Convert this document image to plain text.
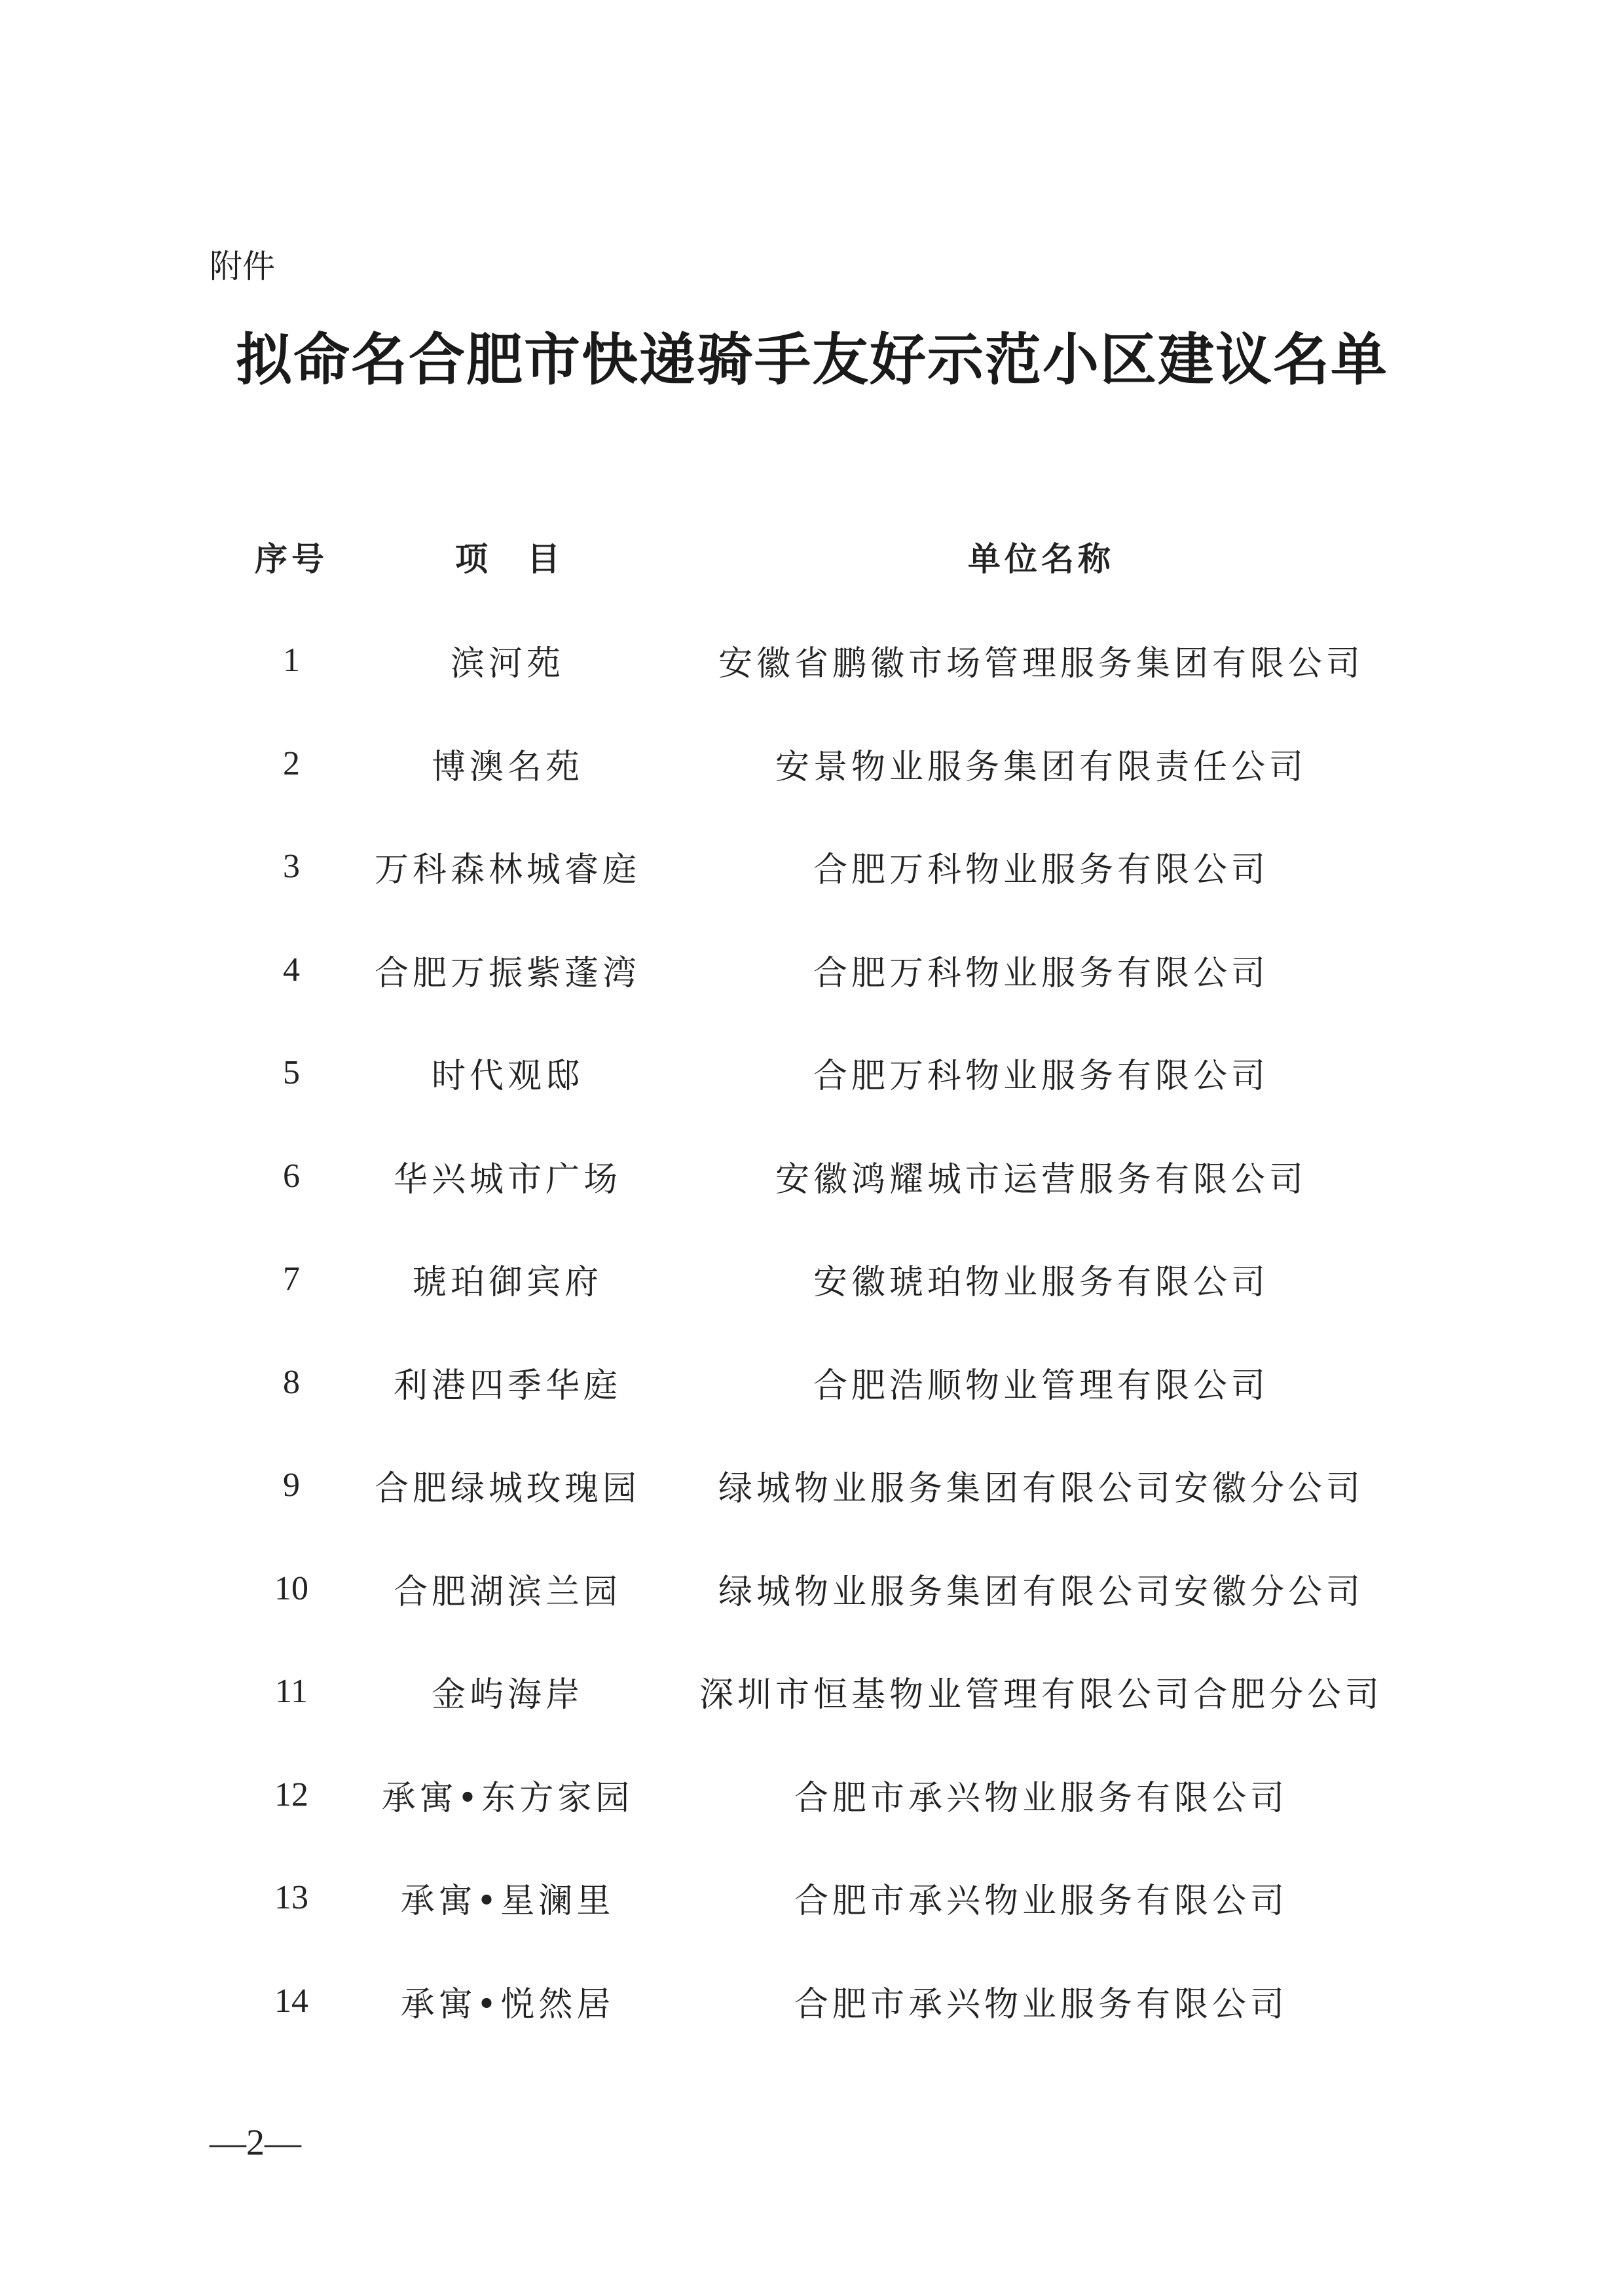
附件
拟命名合肥市快递骑手友好示范小区建议名单
序号	项目	单位名称
1	滨河苑	安徽省鹏徽市场管理服务集团有限公司
2	博澳名苑	安景物业服务集团有限责任公司
3	万科森林城睿庭	合肥万科物业服务有限公司
4	合肥万振紫蓬湾	合肥万科物业服务有限公司
5	时代观邸	合肥万科物业服务有限公司
6	华兴城市广场	安徽鸿耀城市运营服务有限公司
7	琥珀御宾府	安徽琥珀物业服务有限公司
8	利港四季华庭	合肥浩顺物业管理有限公司
9	合肥绿城玫瑰园	绿城物业服务集团有限公司安徽分公司
10	合肥湖滨兰园	绿城物业服务集团有限公司安徽分公司
11	金屿海岸	深圳市恒基物业管理有限公司合肥分公司
12	承寓•东方家园	合肥市承兴物业服务有限公司
13	承寓•星澜里	合肥市承兴物业服务有限公司
14	承寓•悦然居	合肥市承兴物业服务有限公司
—2—
